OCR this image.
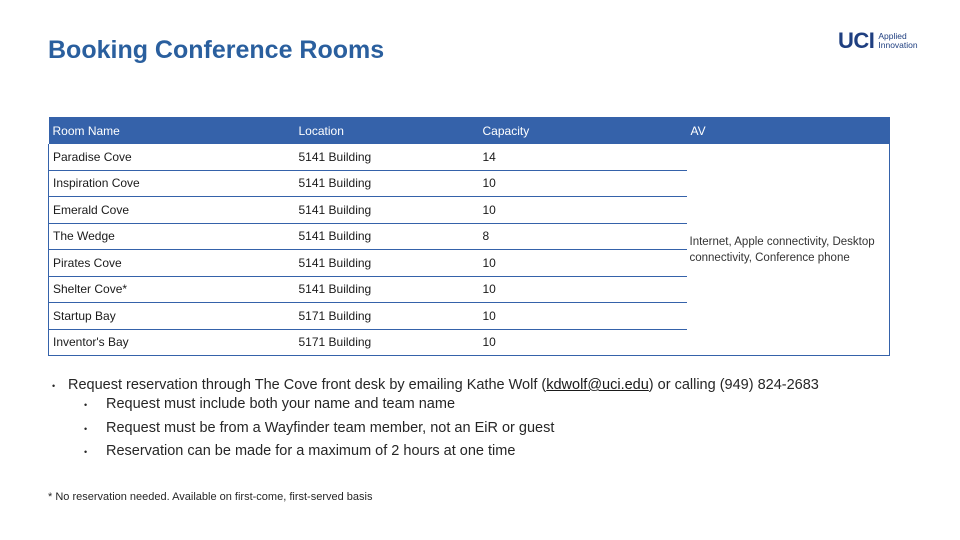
Booking Conference Rooms	UCI Applied
Innovation
Room Name	Location	Capacity	AV
Paradise Cove	5141 Building	14	Internet, Apple connectivity, Desktop connectivity, Conference phone
Inspiration Cove	5141 Building	10	
Emerald Cove	5141 Building	10	
The Wedge	5141 Building	8	
Pirates Cove	5141 Building	10	
Shelter Cove*	5141 Building	10	
Startup Bay	5171 Building	10	
Inventor's Bay	5171 Building	10	
• Request reservation through The Cove front desk by emailing Kathe Wolf (kdwolf@uci.edu) or calling (949) 824-2683
•	Request must include both your name and team name
•	Request must be from a Wayfinder team member, not an EiR or guest
•	Reservation can be made for a maximum of 2 hours at one time
* No reservation needed. Available on first-come, first-served basis
